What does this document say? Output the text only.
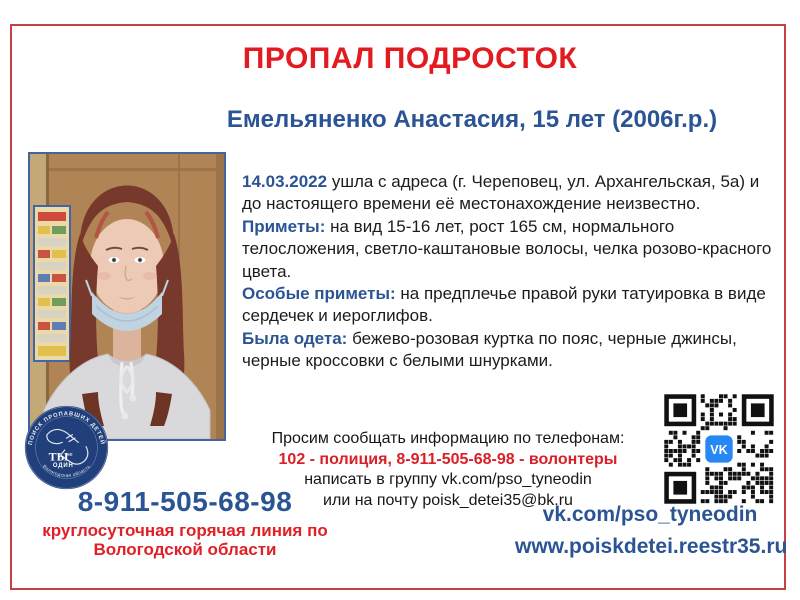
ПРОПАЛ ПОДРОСТОК
Емельяненко Анастасия, 15 лет (2006г.р.)

14.03.2022 ушла с адреса (г. Череповец, ул. Архангельская, 5а) и до настоящего времени её местонахождение неизвестно.

Приметы: на вид 15-16 лет, рост 165 см, нормального телосложения, светло-каштановые волосы, челка розово-красного цвета.

Особые приметы: на предплечье правой руки татуировка в виде сердечек и иероглифов.

Была одета: бежево-розовая куртка по пояс, черные джинсы, черные кроссовки с белыми шнурками.

ПОИСК ПРОПАВШИХ ДЕТЕЙ
Вологодская область
ТЫ
не
ОДИН
Просим сообщать информацию по телефонам:
102 - полиция, 8-911-505-68-98 - волонтеры
написать в группу vk.com/pso_tyneodin
или на почту poisk_detei35@bk.ru
8-911-505-68-98
круглосуточная горячая линия по
Вологодской области
VK
vk.com/pso_tyneodin
www.poiskdetei.reestr35.ru
